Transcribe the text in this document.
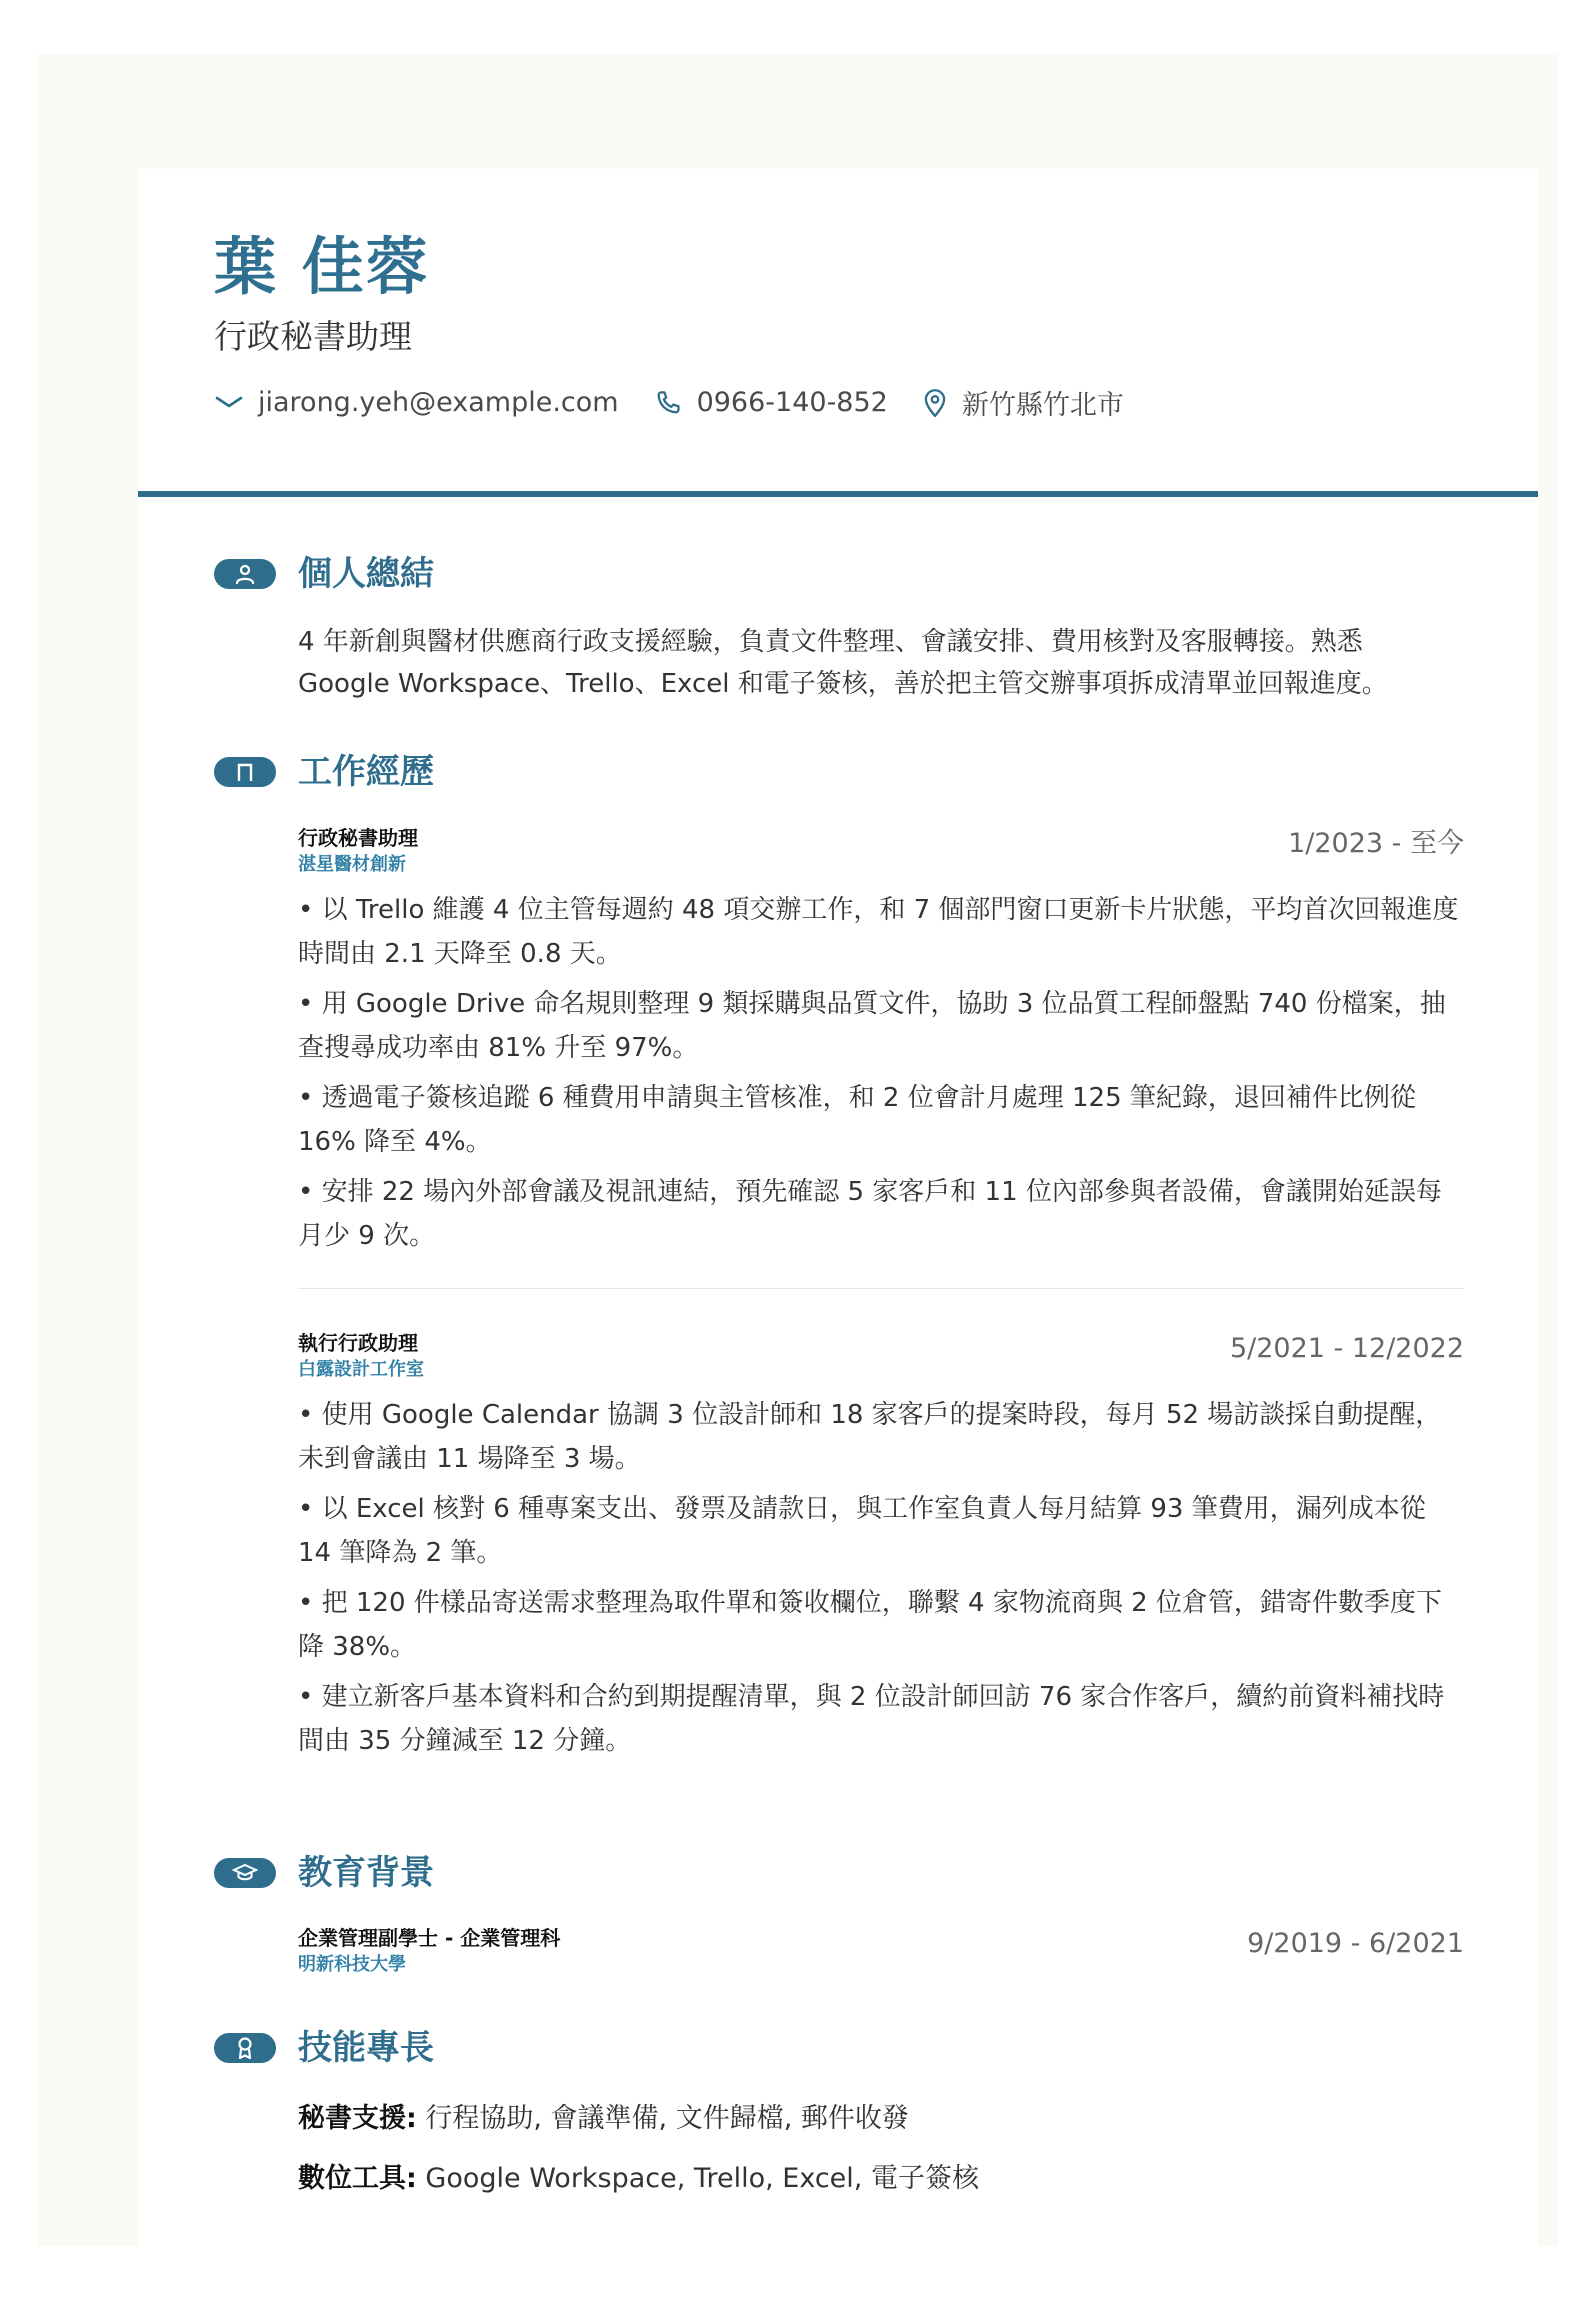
葉 佳蓉
行政秘書助理
jiarong.yeh@example.com	0966-140-852	新竹縣竹北市
個人總結
4 年新創與醫材供應商行政支援經驗，負責文件整理、會議安排、費用核對及客服轉接。熟悉
Google Workspace、Trello、Excel 和電子簽核，善於把主管交辦事項拆成清單並回報進度。
工作經歷
行政秘書助理
湛星醫材創新
1/2023 - 至今
• 以 Trello 維護 4 位主管每週約 48 項交辦工作，和 7 個部門窗口更新卡片狀態，平均首次回報進度時間由 2.1 天降至 0.8 天。
• 用 Google Drive 命名規則整理 9 類採購與品質文件，協助 3 位品質工程師盤點 740 份檔案，抽查搜尋成功率由 81% 升至 97%。
• 透過電子簽核追蹤 6 種費用申請與主管核准，和 2 位會計月處理 125 筆紀錄，退回補件比例從 16% 降至 4%。
• 安排 22 場內外部會議及視訊連結，預先確認 5 家客戶和 11 位內部參與者設備，會議開始延誤每月少 9 次。
執行行政助理
白露設計工作室
5/2021 - 12/2022
• 使用 Google Calendar 協調 3 位設計師和 18 家客戶的提案時段，每月 52 場訪談採自動提醒，未到會議由 11 場降至 3 場。
• 以 Excel 核對 6 種專案支出、發票及請款日，與工作室負責人每月結算 93 筆費用，漏列成本從 14 筆降為 2 筆。
• 把 120 件樣品寄送需求整理為取件單和簽收欄位，聯繫 4 家物流商與 2 位倉管，錯寄件數季度下降 38%。
• 建立新客戶基本資料和合約到期提醒清單，與 2 位設計師回訪 76 家合作客戶，續約前資料補找時間由 35 分鐘減至 12 分鐘。
教育背景
企業管理副學士 - 企業管理科
明新科技大學
9/2019 - 6/2021
技能專長
秘書支援: 行程協助, 會議準備, 文件歸檔, 郵件收發
數位工具: Google Workspace, Trello, Excel, 電子簽核
